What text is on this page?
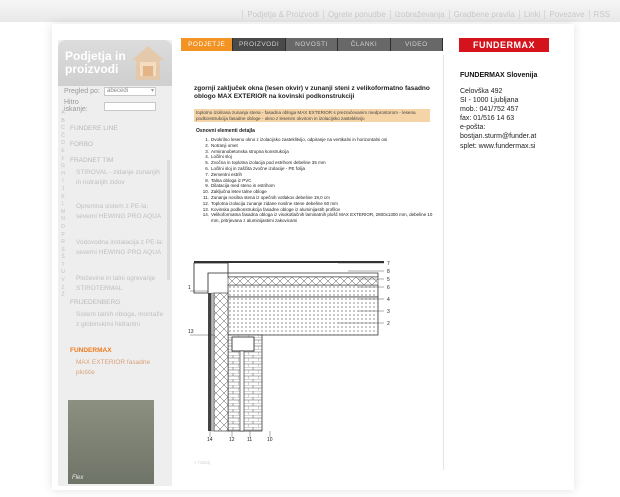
Podjetja & Proizvodi	Ogrete ponudbe	Izobraževanja	Gradbene pravila	Linki	Povezave	RSS
Podjetja in
proizvodi
Pregled po:	abecedi	▾
Hitro iskanje:
A
B
C
Č
D
E
F
G
H
I
J
K
L
M
N
O
P
R
S
Š
T
U
V
Z
Ž
FUNDERE LINE
FORBO
FRADNET TIM
STIROVAL - zidanje zunanjih in notranjih zidov
Opremna sistem z PE-la: severni HEWING PRO AQUA
Vodovodna instalacija z PE-la: severni HEWING PRO AQUA
Pločevine in talni ogrevanje STIROTERMAL
FRIJEDENBERG
Sistem talnih obloga, montaže z globinskimi hidrantni
FUNDERMAX
MAX EXTERIOR fasadne plošče
Flex
PODJETJE	PROIZVODI	NOVOSTI	ČLANKI	VIDEO
zgornji zaključek okna (lesen okvir) v zunanji steni z velikoformatno fasadno oblogo MAX EXTERIOR na kovinski podkonstrukciji
toplotno izolirana zunanja stena - fasadna obloga MAX EXTERIOR s prezračevanim medprostorom - lesena podkonstrukcija fasadne obloge - okno z lesenim okvirom in izolacijsko zasteklitvijo
Osnovni elementi detajla
1. Dvokrilno leseno okno z izolacijsko zasteklitvijo, odpiranje na vertikalni in horizontalni osi
2. Notranji omet
3. Armiranobetonska stropna konstrukcija
4. Ločilni sloj
5. Zvočna in toplotna izolacija pod estrihom debeline 35 mm
6. Ločilni sloj in zaščita zvočne izolacije - PE folija
7. Zementni estrih
8. Talna obloga iz PVC
9. Dilatacija med steno in estrihom
10. Zaključna letev talne obloge
11. Zunanja nosilna stena iz opečnih votlakov debeline 19,0 cm
12. Toplotna izolacija zunanje zidane nosilne stene debeline 60 mm
13. Kovinska podkonstrukcija fasadne obloge iz aluminijastih profilov
14. Velikoformatna fasadna obloga iz visokotlačnih laminatnih plošč MAX EXTERIOR, 2800x1300 mm, debeline 10 mm, pritrjevana z aluminijastimi zakovicami
7
8
5
6
4
3
2
1
13
14	12 11	10
« nazaj
FUNDERMAX
FUNDERMAX Slovenija
Celovška 492
SI - 1000 Ljubljana
mob.: 041/752 457
fax: 01/516 14 63
e-pošta:
bostjan.sturm@funder.at
splet: www.fundermax.si
